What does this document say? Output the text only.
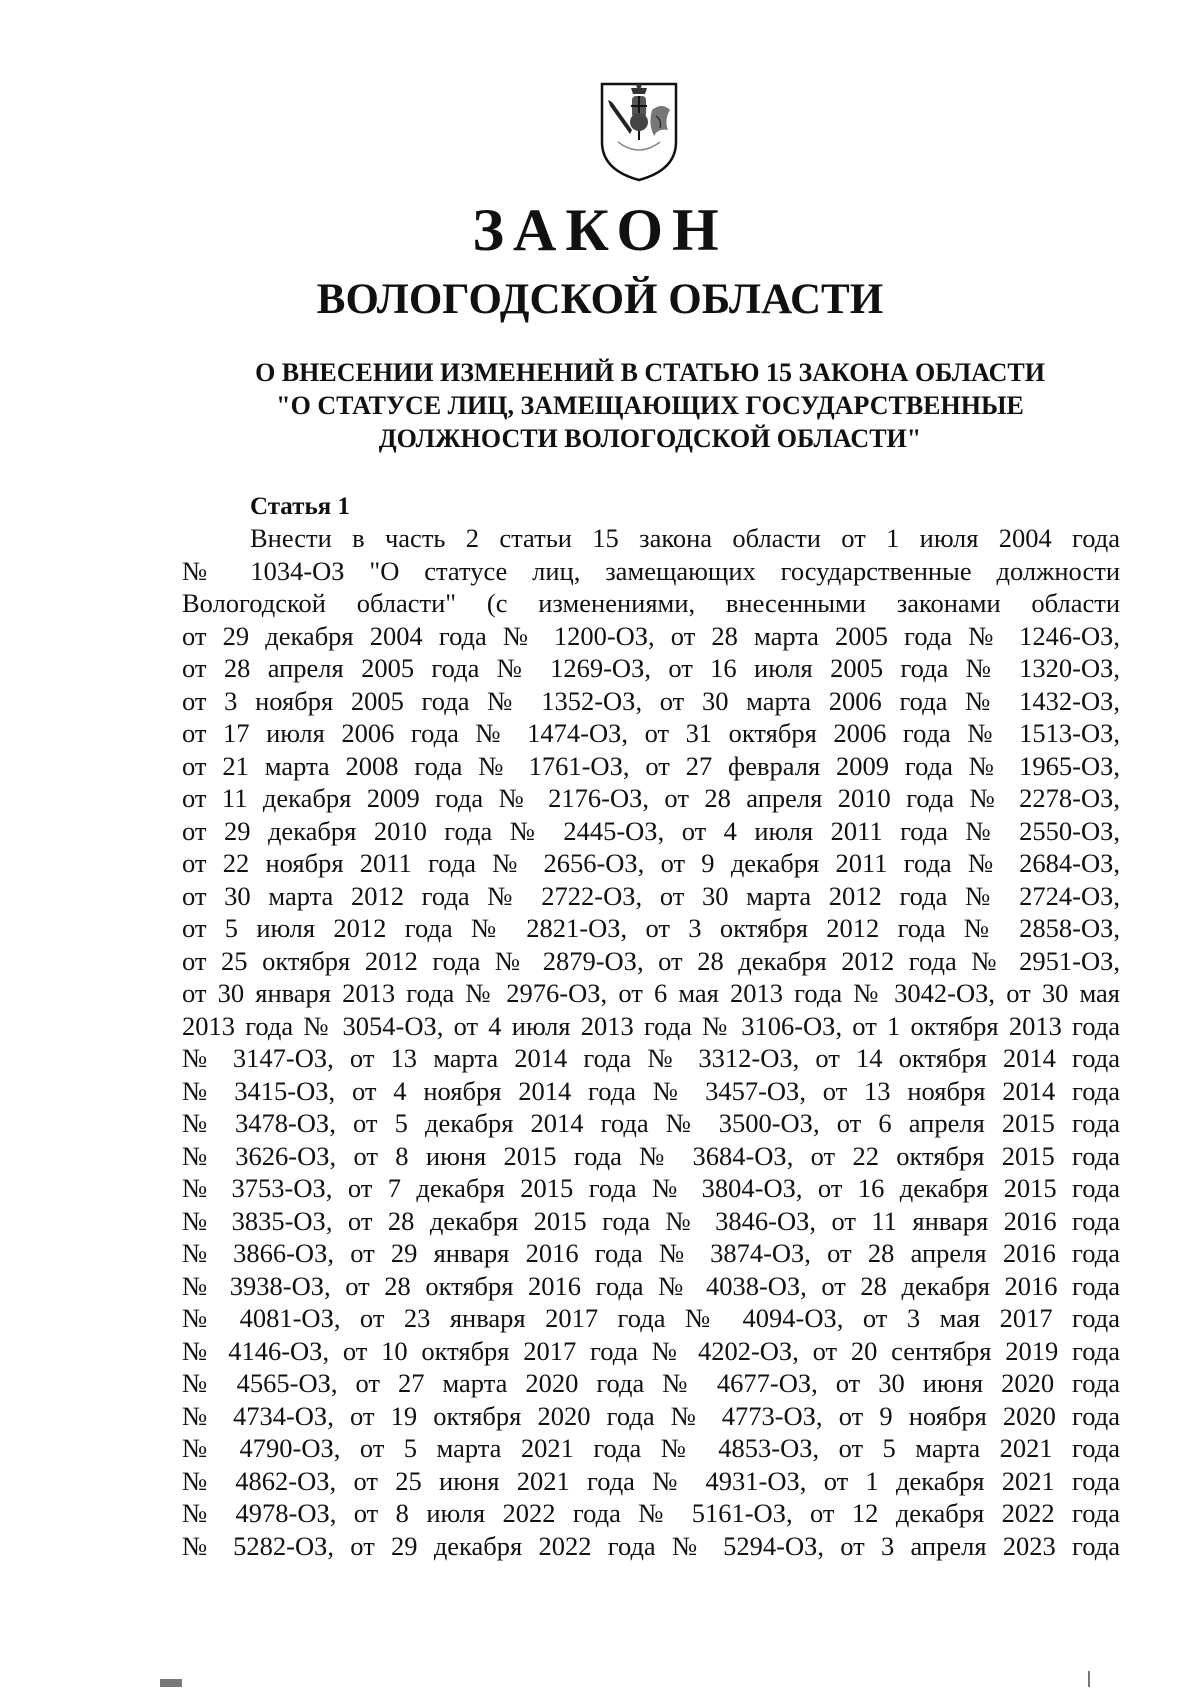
ЗАКОН
ВОЛОГОДСКОЙ ОБЛАСТИ
О ВНЕСЕНИИ ИЗМЕНЕНИЙ В СТАТЬЮ 15 ЗАКОНА ОБЛАСТИ
"О СТАТУСЕ ЛИЦ, ЗАМЕЩАЮЩИХ ГОСУДАРСТВЕННЫЕ
ДОЛЖНОСТИ ВОЛОГОДСКОЙ ОБЛАСТИ"
Статья 1
Внести в часть 2 статьи 15 закона области от 1 июля 2004 года
№ 1034-ОЗ "О статусе лиц, замещающих государственные должности
Вологодской области" (с изменениями, внесенными законами области
от 29 декабря 2004 года № 1200-ОЗ, от 28 марта 2005 года № 1246-ОЗ,
от 28 апреля 2005 года № 1269-ОЗ, от 16 июля 2005 года № 1320-ОЗ,
от 3 ноября 2005 года № 1352-ОЗ, от 30 марта 2006 года № 1432-ОЗ,
от 17 июля 2006 года № 1474-ОЗ, от 31 октября 2006 года № 1513-ОЗ,
от 21 марта 2008 года № 1761-ОЗ, от 27 февраля 2009 года № 1965-ОЗ,
от 11 декабря 2009 года № 2176-ОЗ, от 28 апреля 2010 года № 2278-ОЗ,
от 29 декабря 2010 года № 2445-ОЗ, от 4 июля 2011 года № 2550-ОЗ,
от 22 ноября 2011 года № 2656-ОЗ, от 9 декабря 2011 года № 2684-ОЗ,
от 30 марта 2012 года № 2722-ОЗ, от 30 марта 2012 года № 2724-ОЗ,
от 5 июля 2012 года № 2821-ОЗ, от 3 октября 2012 года № 2858-ОЗ,
от 25 октября 2012 года № 2879-ОЗ, от 28 декабря 2012 года № 2951-ОЗ,
от 30 января 2013 года № 2976-ОЗ, от 6 мая 2013 года № 3042-ОЗ, от 30 мая
2013 года № 3054-ОЗ, от 4 июля 2013 года № 3106-ОЗ, от 1 октября 2013 года
№ 3147-ОЗ, от 13 марта 2014 года № 3312-ОЗ, от 14 октября 2014 года
№ 3415-ОЗ, от 4 ноября 2014 года № 3457-ОЗ, от 13 ноября 2014 года
№ 3478-ОЗ, от 5 декабря 2014 года № 3500-ОЗ, от 6 апреля 2015 года
№ 3626-ОЗ, от 8 июня 2015 года № 3684-ОЗ, от 22 октября 2015 года
№ 3753-ОЗ, от 7 декабря 2015 года № 3804-ОЗ, от 16 декабря 2015 года
№ 3835-ОЗ, от 28 декабря 2015 года № 3846-ОЗ, от 11 января 2016 года
№ 3866-ОЗ, от 29 января 2016 года № 3874-ОЗ, от 28 апреля 2016 года
№ 3938-ОЗ, от 28 октября 2016 года № 4038-ОЗ, от 28 декабря 2016 года
№ 4081-ОЗ, от 23 января 2017 года № 4094-ОЗ, от 3 мая 2017 года
№ 4146-ОЗ, от 10 октября 2017 года № 4202-ОЗ, от 20 сентября 2019 года
№ 4565-ОЗ, от 27 марта 2020 года № 4677-ОЗ, от 30 июня 2020 года
№ 4734-ОЗ, от 19 октября 2020 года № 4773-ОЗ, от 9 ноября 2020 года
№ 4790-ОЗ, от 5 марта 2021 года № 4853-ОЗ, от 5 марта 2021 года
№ 4862-ОЗ, от 25 июня 2021 года № 4931-ОЗ, от 1 декабря 2021 года
№ 4978-ОЗ, от 8 июля 2022 года № 5161-ОЗ, от 12 декабря 2022 года
№ 5282-ОЗ, от 29 декабря 2022 года № 5294-ОЗ, от 3 апреля 2023 года
